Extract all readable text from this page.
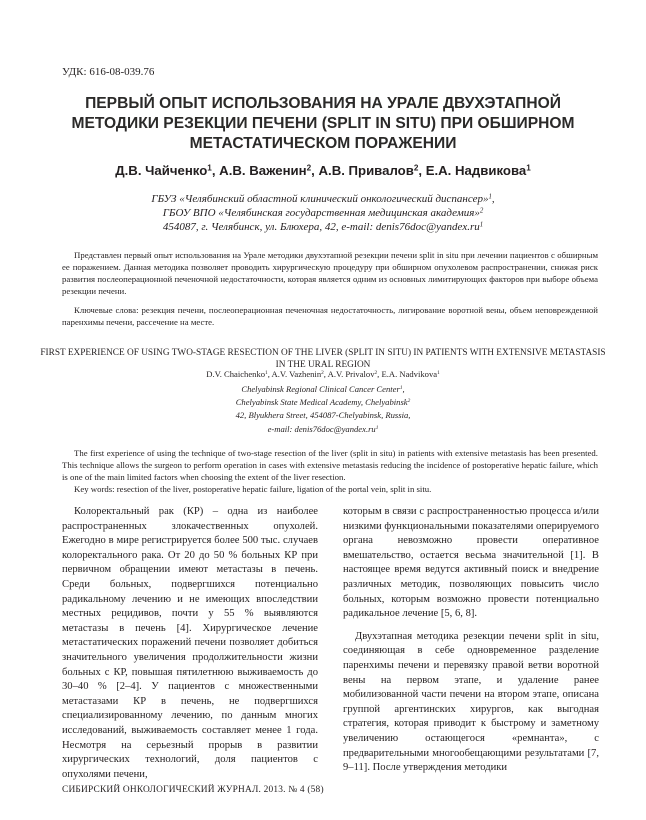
УДК: 616-08-039.76
ПЕРВЫЙ ОПЫТ ИСПОЛЬЗОВАНИЯ НА УРАЛЕ ДВУХЭТАПНОЙ МЕТОДИКИ РЕЗЕКЦИИ ПЕЧЕНИ (SPLIT IN SITU) ПРИ ОБШИРНОМ МЕТАСТАТИЧЕСКОМ ПОРАЖЕНИИ
Д.В. Чайченко$^1$, А.В. Важенин$^2$, А.В. Привалов$^2$, Е.А. Надвикова$^1$
ГБУЗ «Челябинский областной клинический онкологический диспансер»$^1$,
ГБОУ ВПО «Челябинская государственная медицинская академия»$^2$
454087, г. Челябинск, ул. Блюхера, 42, e-mail: $denis76doc@yandex.ru^1$

Представлен первый опыт использования на Урале методики двухэтапной резекции печени split in situ при лечении пациентов с обширным ее поражением. Данная методика позволяет проводить хирургическую процедуру при обширном опухолевом распространении, снижая риск развития послеоперационной печеночной недостаточности, которая является одним из основных лимитирующих факторов при выборе объема резекции печени.

Ключевые слова: резекция печени, послеоперационная печеночная недостаточность, лигирование воротной вены, объем неповрежденной паренхимы печени, рассечение на месте.

FIRST EXPERIENCE OF USING TWO-STAGE RESECTION OF THE LIVER (SPLIT IN SITU) IN PATIENTS WITH EXTENSIVE METASTASIS IN THE URAL REGION
D.V. Chaichenko$^1$, A.V. Vazhenin$^2$, A.V. Privalov$^2$, E.A. Nadvikova$^1$
Chelyabinsk Regional Clinical Cancer Center$^1$,
Chelyabinsk State Medical Academy, Chelyabinsk$^2$
42, Blyukhera Street, 454087-Chelyabinsk, Russia,
e-mail: $denis76doc@yandex.ru^1$

The first experience of using the technique of two-stage resection of the liver (split in situ) in patients with extensive metastasis has been presented. This technique allows the surgeon to perform operation in cases with extensive metastasis reducing the incidence of postoperative hepatic failure, which is one of the main limited factors when choosing the extent of the liver resection.

Key words: resection of the liver, postoperative hepatic failure, ligation of the portal vein, split in situ.

Колоректальный рак (КР) – одна из наиболее распространенных злокачественных опухолей. Ежегодно в мире регистрируется более 500 тыс. случаев колоректального рака. От 20 до 50 % больных КР при первичном обращении имеют метастазы в печень. Среди больных, подвергшихся потенциально радикальному лечению и не имеющих впоследствии местных рецидивов, почти у 55 % выявляются метастазы в печень [4]. Хирургическое лечение метастатических поражений печени позволяет добиться значительного увеличения продолжительности жизни больных с КР, повышая пятилетнюю выживаемость до 30–40 % [2–4]. У пациентов с множественными метастазами КР в печень, не подвергшихся специализированному лечению, по данным многих исследований, выживаемость составляет менее 1 года. Несмотря на серьезный прорыв в развитии хирургических технологий, доля пациентов с опухолями печени,

которым в связи с распространенностью процесса и/или низкими функциональными показателями оперируемого органа невозможно провести оперативное вмешательство, остается весьма значительной [1]. В настоящее время ведутся активный поиск и внедрение различных методик, позволяющих повысить число больных, которым возможно провести потенциально радикальное лечение [5, 6, 8].

Двухэтапная методика резекции печени split in situ, соединяющая в себе одновременное разделение паренхимы печени и перевязку правой ветви воротной вены на первом этапе, и удаление ранее мобилизованной части печени на втором этапе, описана группой аргентинских хирургов, как выгодная стратегия, которая приводит к быстрому и заметному увеличению остающегося «ремнанта», с предварительными многообещающими результатами [7, 9–11]. После утверждения методики

СИБИРСКИЙ ОНКОЛОГИЧЕСКИЙ ЖУРНАЛ. 2013. № 4 (58)
